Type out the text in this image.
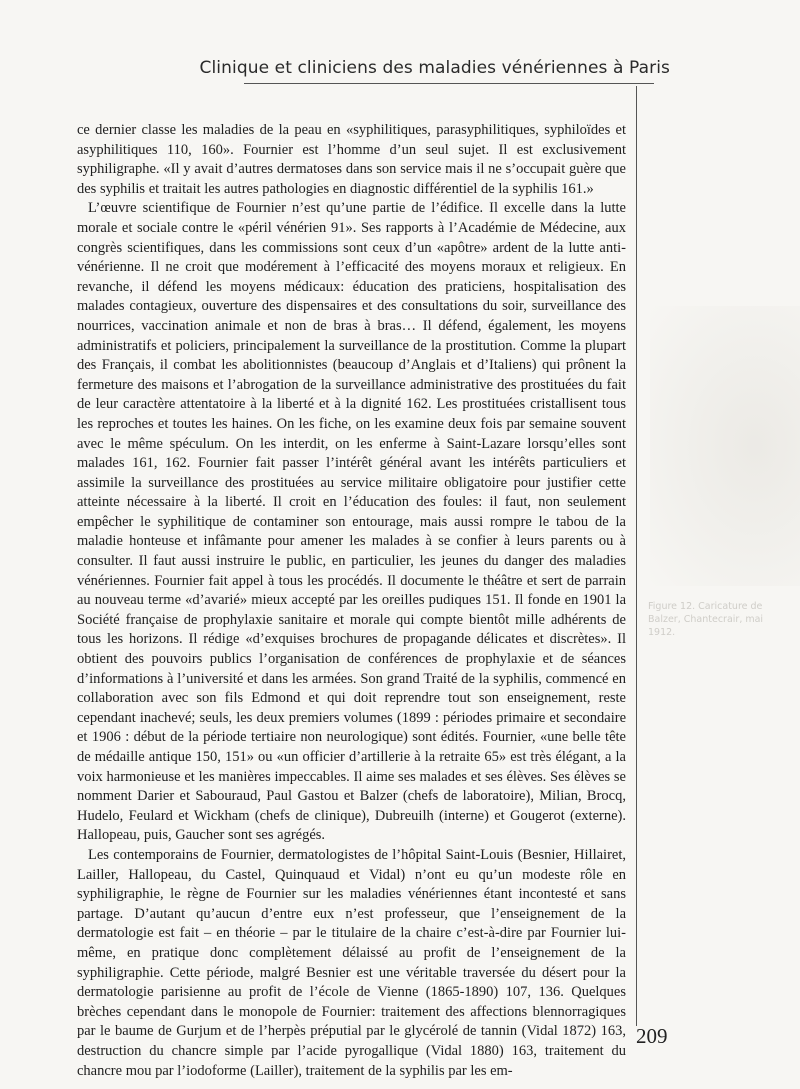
Clinique et cliniciens des maladies vénériennes à Paris
Figure 12. Caricature de Balzer, Chantecrair, mai 1912.

ce dernier classe les maladies de la peau en «syphilitiques, parasyphilitiques, syphiloïdes et asyphilitiques 110, 160». Fournier est l’homme d’un seul sujet. Il est exclusivement syphiligraphe. «Il y avait d’autres dermatoses dans son service mais il ne s’occupait guère que des syphilis et traitait les autres pathologies en diagnostic différentiel de la syphilis 161.»

L’œuvre scientifique de Fournier n’est qu’une partie de l’édifice. Il excelle dans la lutte morale et sociale contre le «péril vénérien 91». Ses rapports à l’Académie de Médecine, aux congrès scientifiques, dans les commissions sont ceux d’un «apôtre» ardent de la lutte anti-vénérienne. Il ne croit que modérement à l’efficacité des moyens moraux et religieux. En revanche, il défend les moyens médicaux: éducation des praticiens, hospitalisation des malades contagieux, ouverture des dispensaires et des consultations du soir, surveillance des nourrices, vaccination animale et non de bras à bras… Il défend, également, les moyens administratifs et policiers, principalement la surveillance de la prostitution. Comme la plupart des Français, il combat les abolitionnistes (beaucoup d’Anglais et d’Italiens) qui prônent la fermeture des maisons et l’abrogation de la surveillance administrative des prostituées du fait de leur caractère attentatoire à la liberté et à la dignité 162. Les prostituées cristallisent tous les reproches et toutes les haines. On les fiche, on les examine deux fois par semaine souvent avec le même spéculum. On les interdit, on les enferme à Saint-Lazare lorsqu’elles sont malades 161, 162. Fournier fait passer l’intérêt général avant les intérêts particuliers et assimile la surveillance des prostituées au service militaire obligatoire pour justifier cette atteinte nécessaire à la liberté. Il croit en l’éducation des foules: il faut, non seulement empêcher le syphilitique de contaminer son entourage, mais aussi rompre le tabou de la maladie honteuse et infâmante pour amener les malades à se confier à leurs parents ou à consulter. Il faut aussi instruire le public, en particulier, les jeunes du danger des maladies vénériennes. Fournier fait appel à tous les procédés. Il documente le théâtre et sert de parrain au nouveau terme «d’avarié» mieux accepté par les oreilles pudiques 151. Il fonde en 1901 la Société française de prophylaxie sanitaire et morale qui compte bientôt mille adhérents de tous les horizons. Il rédige «d’exquises brochures de propagande délicates et discrètes». Il obtient des pouvoirs publics l’organisation de conférences de prophylaxie et de séances d’informations à l’université et dans les armées. Son grand Traité de la syphilis, commencé en collaboration avec son fils Edmond et qui doit reprendre tout son enseignement, reste cependant inachevé; seuls, les deux premiers volumes (1899 : périodes primaire et secondaire et 1906 : début de la période tertiaire non neurologique) sont édités. Fournier, «une belle tête de médaille antique 150, 151» ou «un officier d’artillerie à la retraite 65» est très élégant, a la voix harmonieuse et les manières impeccables. Il aime ses malades et ses élèves. Ses élèves se nomment Darier et Sabouraud, Paul Gastou et Balzer (chefs de laboratoire), Milian, Brocq, Hudelo, Feulard et Wickham (chefs de clinique), Dubreuilh (interne) et Gougerot (externe). Hallopeau, puis, Gaucher sont ses agrégés.

Les contemporains de Fournier, dermatologistes de l’hôpital Saint-Louis (Besnier, Hillairet, Lailler, Hallopeau, du Castel, Quinquaud et Vidal) n’ont eu qu’un modeste rôle en syphiligraphie, le règne de Fournier sur les maladies vénériennes étant incontesté et sans partage. D’autant qu’aucun d’entre eux n’est professeur, que l’enseignement de la dermatologie est fait – en théorie – par le titulaire de la chaire c’est-à-dire par Fournier lui-même, en pratique donc complètement délaissé au profit de l’enseignement de la syphiligraphie. Cette période, malgré Besnier est une véritable traversée du désert pour la dermatologie parisienne au profit de l’école de Vienne (1865-1890) 107, 136. Quelques brèches cependant dans le monopole de Fournier: traitement des affections blennorragiques par le baume de Gurjum et de l’herpès préputial par le glycérolé de tannin (Vidal 1872) 163, destruction du chancre simple par l’acide pyrogallique (Vidal 1880) 163, traitement du chancre mou par l’iodoforme (Lailler), traitement de la syphilis par les em-

209
